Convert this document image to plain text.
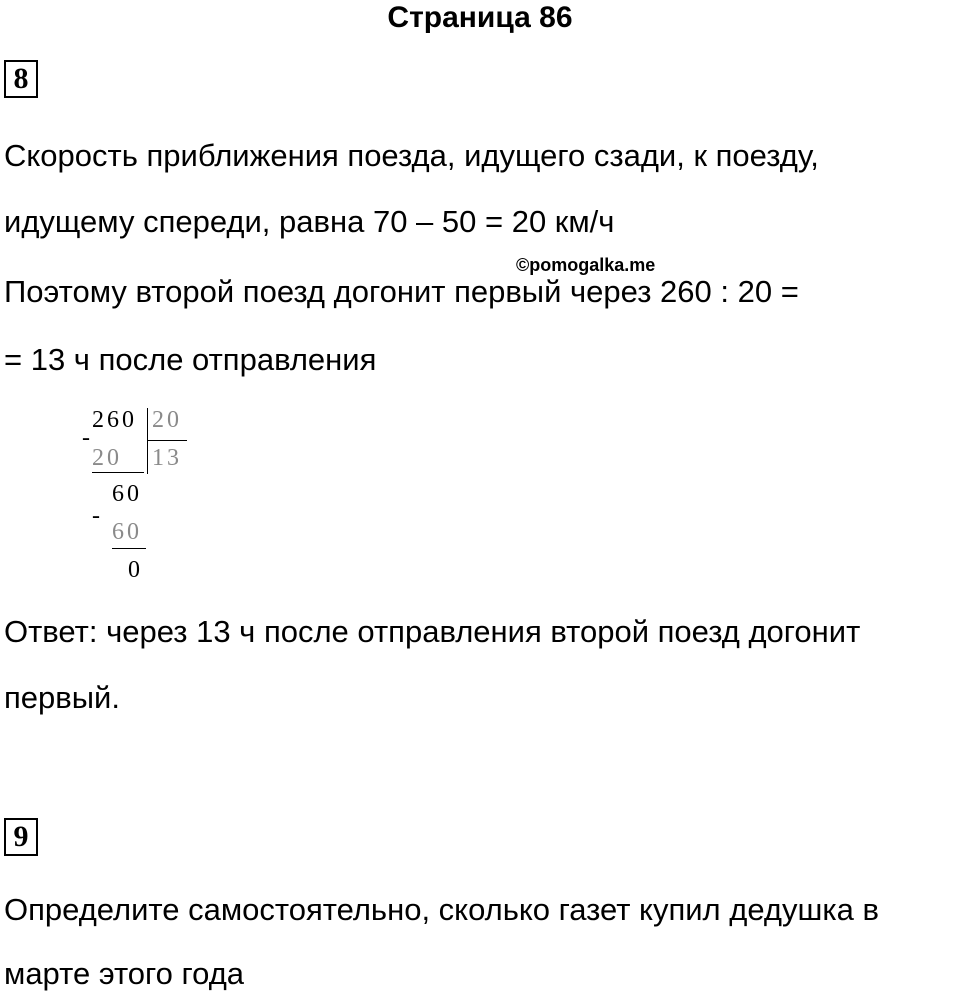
Страница 86
8
Скорость приближения поезда, идущего сзади, к поезду,
идущему спереди, равна 70 – 50 = 20 км/ч
©pomogalka.me
Поэтому второй поезд догонит первый через 260 : 20 =
= 13 ч после отправления
260 20
-
20 13
60
-
60
0
Ответ: через 13 ч после отправления второй поезд догонит
первый.
9
Определите самостоятельно, сколько газет купил дедушка в
марте этого года
